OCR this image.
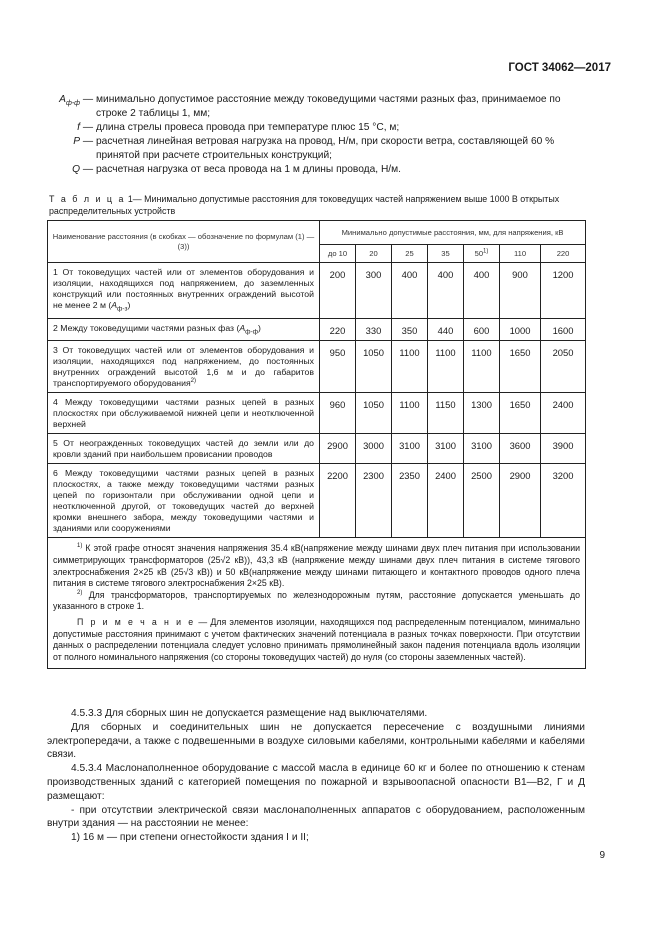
ГОСТ 34062—2017
$A_{ф-ф}$ — минимально допустимое расстояние между токоведущими частями разных фаз, принимаемое по строке 2 таблицы 1, мм;
f — длина стрелы провеса провода при температуре плюс 15 °С, м;
P — расчетная линейная ветровая нагрузка на провод, Н/м, при скорости ветра, составляющей 60 % принятой при расчете строительных конструкций;
Q — расчетная нагрузка от веса провода на 1 м длины провода, Н/м.
Т а б л и ц а 1— Минимально допустимые расстояния для токоведущих частей напряжением выше 1000 В открытых распределительных устройств
Наименование расстояния (в скобках — обозначение по формулам (1) — (3))	Минимально допустимые расстояния, мм, для напряжения, кВ						
	до 10	20	25	35	50$^{1)}$	110	220
1 От токоведущих частей или от элементов оборудования и изоляции, находящихся под напряжением, до заземленных конструкций или постоянных внутренних ограждений высотой не менее 2 м $(А_{ф-з})$	200	300	400	400	400	900	1200
2 Между токоведущими частями разных фаз $(А_{ф-ф})$	220	330	350	440	600	1000	1600
3 От токоведущих частей или от элементов оборудования и изоляции, находящихся под напряжением, до постоянных внутренних ограждений высотой 1,6 м и до габаритов транспортируемого оборудования$^{2)}$	950	1050	1100	1100	1100	1650	2050
4 Между токоведущими частями разных цепей в разных плоскостях при обслуживаемой нижней цепи и неотключенной верхней	960	1050	1100	1150	1300	1650	2400
5 От неогражденных токоведущих частей до земли или до кровли зданий при наибольшем провисании проводов	2900	3000	3100	3100	3100	3600	3900
6 Между токоведущими частями разных цепей в разных плоскостях, а также между токоведущими частями разных цепей по горизонтали при обслуживании одной цепи и неотключенной другой, от токоведущих частей до верхней кромки внешнего забора, между токоведущими частями и зданиями или сооружениями	2200	2300	2350	2400	2500	2900	3200

$^{1)}$ К этой графе относят значения напряжения 35.4 кВ(напряжение между шинами двух плеч питания при использовании симметрирующих трансформаторов (25√2 кВ)), 43,3 кВ (напряжение между шинами двух плеч питания в системе тягового электроснабжения 2×25 кВ (25√3 кВ)) и 50 кВ(напряжение между шинами питающего и контактного проводов одного плеча питания в системе тягового электроснабжения 2×25 кВ).

$^{2)}$ Для трансформаторов, транспортируемых по железнодорожным путям, расстояние допускается уменьшать до указанного в строке 1.

П р и м е ч а н и е — Для элементов изоляции, находящихся под распределенным потенциалом, минимально допустимые расстояния принимают с учетом фактических значений потенциала в разных точках поверхности. При отсутствии данных о распределении потенциала следует условно принимать прямолинейный закон падения потенциала вдоль изоляции от полного номинального напряжения (со стороны токоведущих частей) до нуля (со стороны заземленных частей).							

4.5.3.3 Для сборных шин не допускается размещение над выключателями.

Для сборных и соединительных шин не допускается пересечение с воздушными линиями электропередачи, а также с подвешенными в воздухе силовыми кабелями, контрольными кабелями и кабелями связи.

4.5.3.4 Маслонаполненное оборудование с массой масла в единице 60 кг и более по отношению к стенам производственных зданий с категорией помещения по пожарной и взрывоопасной опасности В1—В2, Г и Д размещают:

- при отсутствии электрической связи маслонаполненных аппаратов с оборудованием, расположенным внутри здания — на расстоянии не менее:

1) 16 м — при степени огнестойкости здания I и II;

9
